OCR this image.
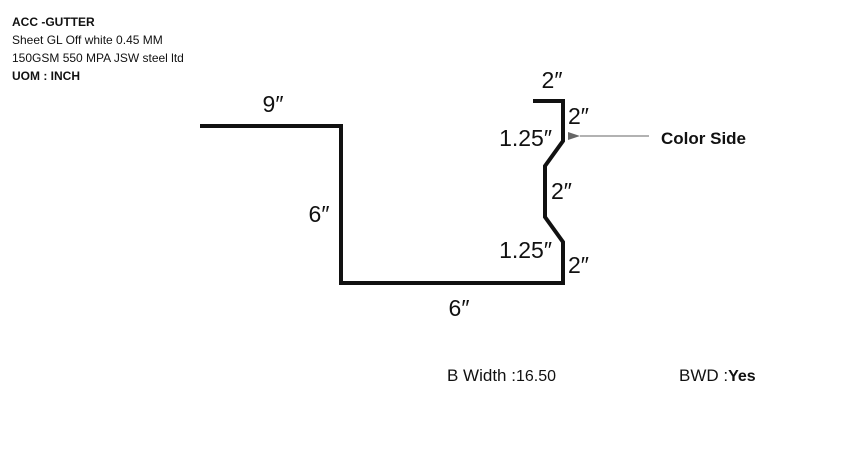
ACC -GUTTER
Sheet GL Off white 0.45 MM
150GSM 550 MPA JSW steel ltd
UOM : INCH
9″
6″
6″
2″
2″
1.25″
2″
1.25″
2″
Color Side
B Width :16.50	BWD :Yes
